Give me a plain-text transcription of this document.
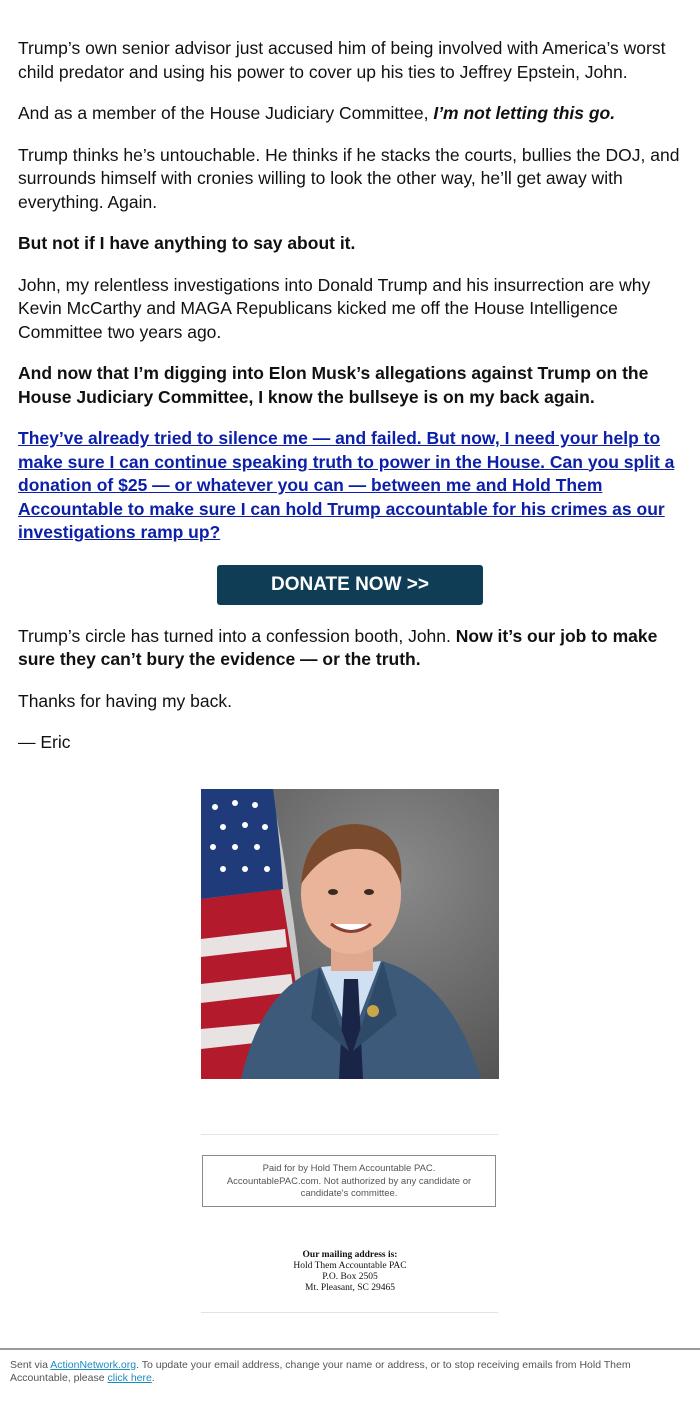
Trump’s own senior advisor just accused him of being involved with America’s worst child predator and using his power to cover up his ties to Jeffrey Epstein, John.

And as a member of the House Judiciary Committee, I’m not letting this go.

Trump thinks he’s untouchable. He thinks if he stacks the courts, bullies the DOJ, and surrounds himself with cronies willing to look the other way, he’ll get away with everything. Again.

But not if I have anything to say about it.

John, my relentless investigations into Donald Trump and his insurrection are why Kevin McCarthy and MAGA Republicans kicked me off the House Intelligence Committee two years ago.

And now that I’m digging into Elon Musk’s allegations against Trump on the House Judiciary Committee, I know the bullseye is on my back again.

They’ve already tried to silence me — and failed. But now, I need your help to make sure I can continue speaking truth to power in the House. Can you split a donation of $25 — or whatever you can — between me and Hold Them Accountable to make sure I can hold Trump accountable for his crimes as our investigations ramp up?

DONATE NOW >>

Trump’s circle has turned into a confession booth, John. Now it’s our job to make sure they can’t bury the evidence — or the truth.

Thanks for having my back.

— Eric

Paid for by Hold Them Accountable PAC.
AccountablePAC.com. Not authorized by any candidate or candidate's committee.
Our mailing address is:
Hold Them Accountable PAC
P.O. Box 2505
Mt. Pleasant, SC 29465
Sent via ActionNetwork.org. To update your email address, change your name or address, or to stop receiving emails from Hold Them Accountable, please click here.
